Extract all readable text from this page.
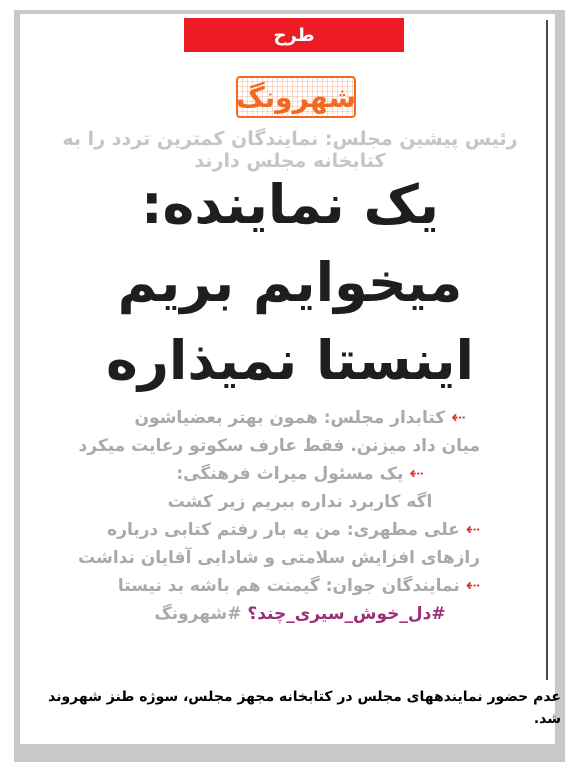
طرح
شهرونگ
رئیس پیشین مجلس: نمایندگان کمترین تردد را به کتابخانه مجلس دارند
یک نماینده:
میخوایم بریم
اینستا نمیذاره
⇠کتابدار مجلس: همون بهتر بعضیاشون
میان داد میزنن. فقط عارف سکوتو رعایت میکرد
⇠یک مسئول میراث فرهنگی:
اگه کاربرد نداره ببریم زیر کشت
⇠علی مطهری: من یه بار رفتم کتابی درباره
رازهای افزایش سلامتی و شادابی آقایان نداشت
⇠نمایندگان جوان: گیمنت هم باشه بد نیستا
#دل_خوش_سیری_چند؟ #شهرونگ
عدم حضور نمایندههای مجلس در کتابخانه مجهز مجلس، سوژه طنز شهروند شد.
